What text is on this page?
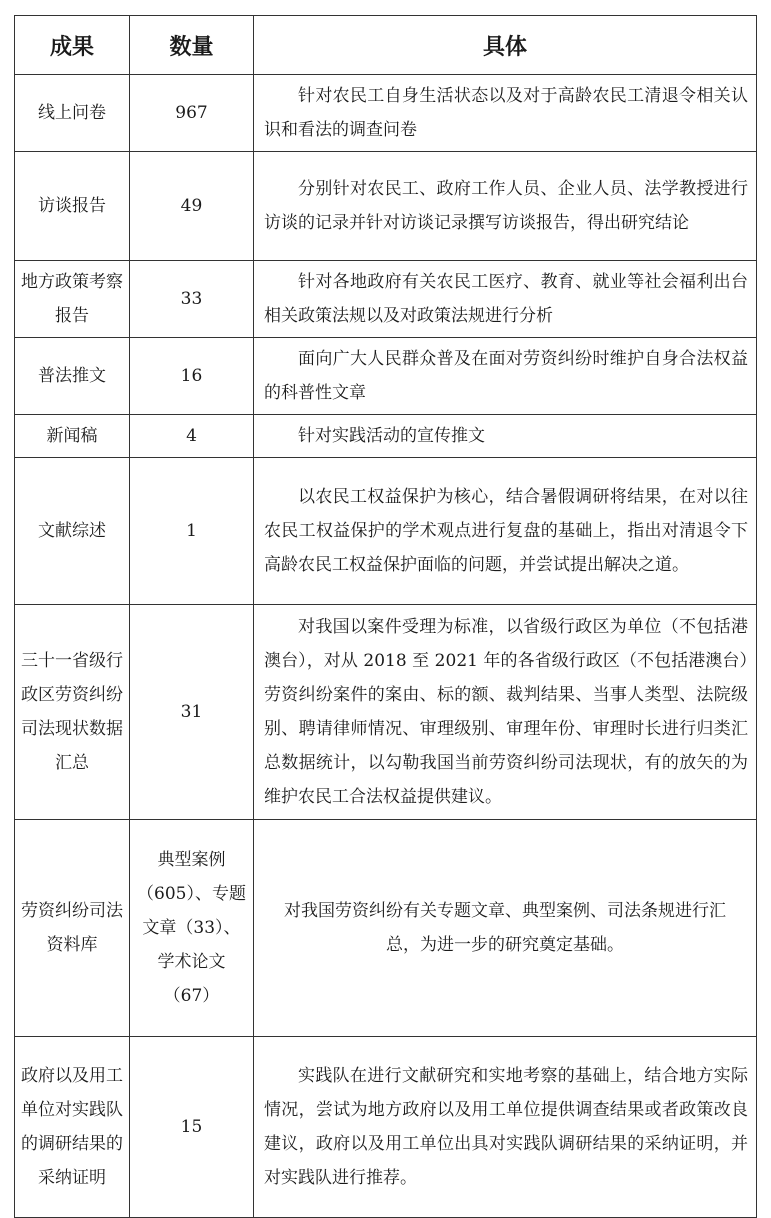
成果	数量	具体
线上问卷	967	针对农民工自身生活状态以及对于高龄农民工清退令相关认识和看法的调查问卷

访谈报告	49	分别针对农民工、政府工作人员、企业人员、法学教授进行访谈的记录并针对访谈记录撰写访谈报告，得出研究结论

地方政策考察报告	33	针对各地政府有关农民工医疗、教育、就业等社会福利出台相关政策法规以及对政策法规进行分析

普法推文	16	面向广大人民群众普及在面对劳资纠纷时维护自身合法权益的科普性文章

新闻稿	4	针对实践活动的宣传推文

文献综述	1	以农民工权益保护为核心，结合暑假调研将结果，在对以往农民工权益保护的学术观点进行复盘的基础上，指出对清退令下高龄农民工权益保护面临的问题，并尝试提出解决之道。

三十一省级行政区劳资纠纷司法现状数据汇总	31	对我国以案件受理为标准，以省级行政区为单位（不包括港澳台），对从 2018 至 2021 年的各省级行政区（不包括港澳台）劳资纠纷案件的案由、标的额、裁判结果、当事人类型、法院级别、聘请律师情况、审理级别、审理年份、审理时长进行归类汇总数据统计，以勾勒我国当前劳资纠纷司法现状，有的放矢的为维护农民工合法权益提供建议。

劳资纠纷司法资料库	典型案例（605）、专题文章（33）、学术论文（67）	对我国劳资纠纷有关专题文章、典型案例、司法条规进行汇总，为进一步的研究奠定基础。

政府以及用工单位对实践队的调研结果的采纳证明	15	实践队在进行文献研究和实地考察的基础上，结合地方实际情况，尝试为地方政府以及用工单位提供调查结果或者政策改良建议，政府以及用工单位出具对实践队调研结果的采纳证明，并对实践队进行推荐。
